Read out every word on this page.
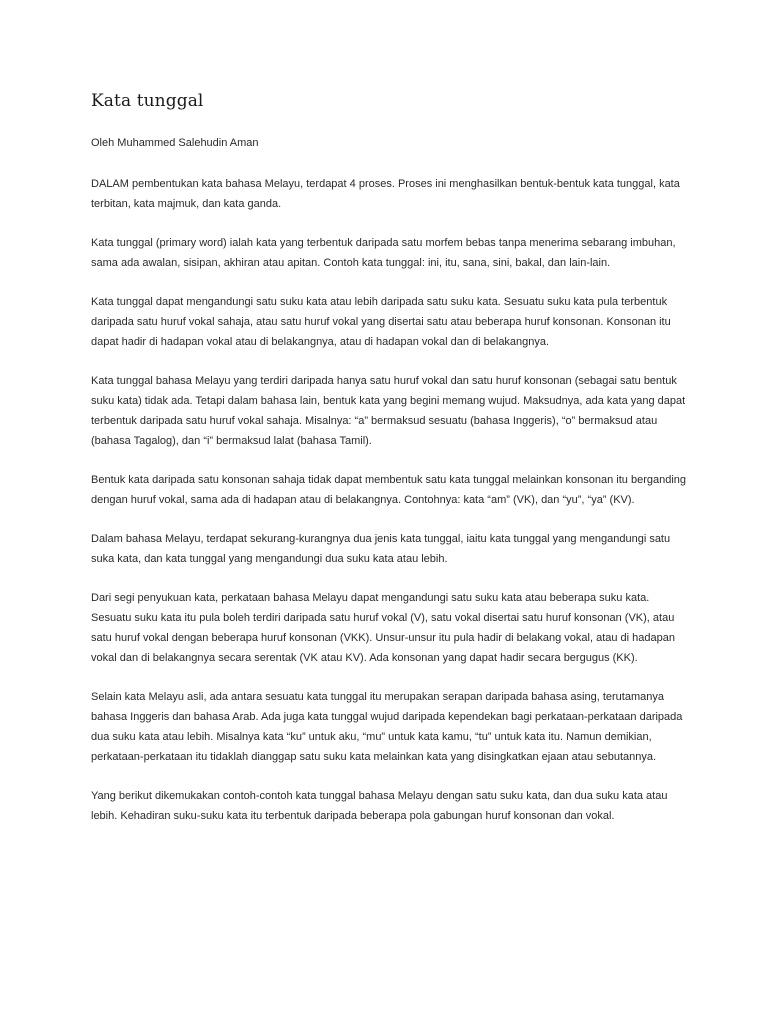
Kata tunggal

Oleh Muhammed Salehudin Aman

DALAM pembentukan kata bahasa Melayu, terdapat 4 proses. Proses ini menghasilkan bentuk-bentuk kata tunggal, kata terbitan, kata majmuk, dan kata ganda.

Kata tunggal (primary word) ialah kata yang terbentuk daripada satu morfem bebas tanpa menerima sebarang imbuhan, sama ada awalan, sisipan, akhiran atau apitan. Contoh kata tunggal: ini, itu, sana, sini, bakal, dan lain-lain.

Kata tunggal dapat mengandungi satu suku kata atau lebih daripada satu suku kata. Sesuatu suku kata pula terbentuk daripada satu huruf vokal sahaja, atau satu huruf vokal yang disertai satu atau beberapa huruf konsonan. Konsonan itu dapat hadir di hadapan vokal atau di belakangnya, atau di hadapan vokal dan di belakangnya.

Kata tunggal bahasa Melayu yang terdiri daripada hanya satu huruf vokal dan satu huruf konsonan (sebagai satu bentuk suku kata) tidak ada. Tetapi dalam bahasa lain, bentuk kata yang begini memang wujud. Maksudnya, ada kata yang dapat terbentuk daripada satu huruf vokal sahaja. Misalnya: “a” bermaksud sesuatu (bahasa Inggeris), “o” bermaksud atau (bahasa Tagalog), dan “i” bermaksud lalat (bahasa Tamil).

Bentuk kata daripada satu konsonan sahaja tidak dapat membentuk satu kata tunggal melainkan konsonan itu berganding dengan huruf vokal, sama ada di hadapan atau di belakangnya. Contohnya: kata “am” (VK), dan “yu”, “ya” (KV).

Dalam bahasa Melayu, terdapat sekurang-kurangnya dua jenis kata tunggal, iaitu kata tunggal yang mengandungi satu suka kata, dan kata tunggal yang mengandungi dua suku kata atau lebih.

Dari segi penyukuan kata, perkataan bahasa Melayu dapat mengandungi satu suku kata atau beberapa suku kata. Sesuatu suku kata itu pula boleh terdiri daripada satu huruf vokal (V), satu vokal disertai satu huruf konsonan (VK), atau satu huruf vokal dengan beberapa huruf konsonan (VKK). Unsur-unsur itu pula hadir di belakang vokal, atau di hadapan vokal dan di belakangnya secara serentak (VK atau KV). Ada konsonan yang dapat hadir secara bergugus (KK).

Selain kata Melayu asli, ada antara sesuatu kata tunggal itu merupakan serapan daripada bahasa asing, terutamanya bahasa Inggeris dan bahasa Arab. Ada juga kata tunggal wujud daripada kependekan bagi perkataan-perkataan daripada dua suku kata atau lebih. Misalnya kata “ku” untuk aku, “mu” untuk kata kamu, “tu” untuk kata itu. Namun demikian, perkataan-perkataan itu tidaklah dianggap satu suku kata melainkan kata yang disingkatkan ejaan atau sebutannya.

Yang berikut dikemukakan contoh-contoh kata tunggal bahasa Melayu dengan satu suku kata, dan dua suku kata atau lebih. Kehadiran suku-suku kata itu terbentuk daripada beberapa pola gabungan huruf konsonan dan vokal.
